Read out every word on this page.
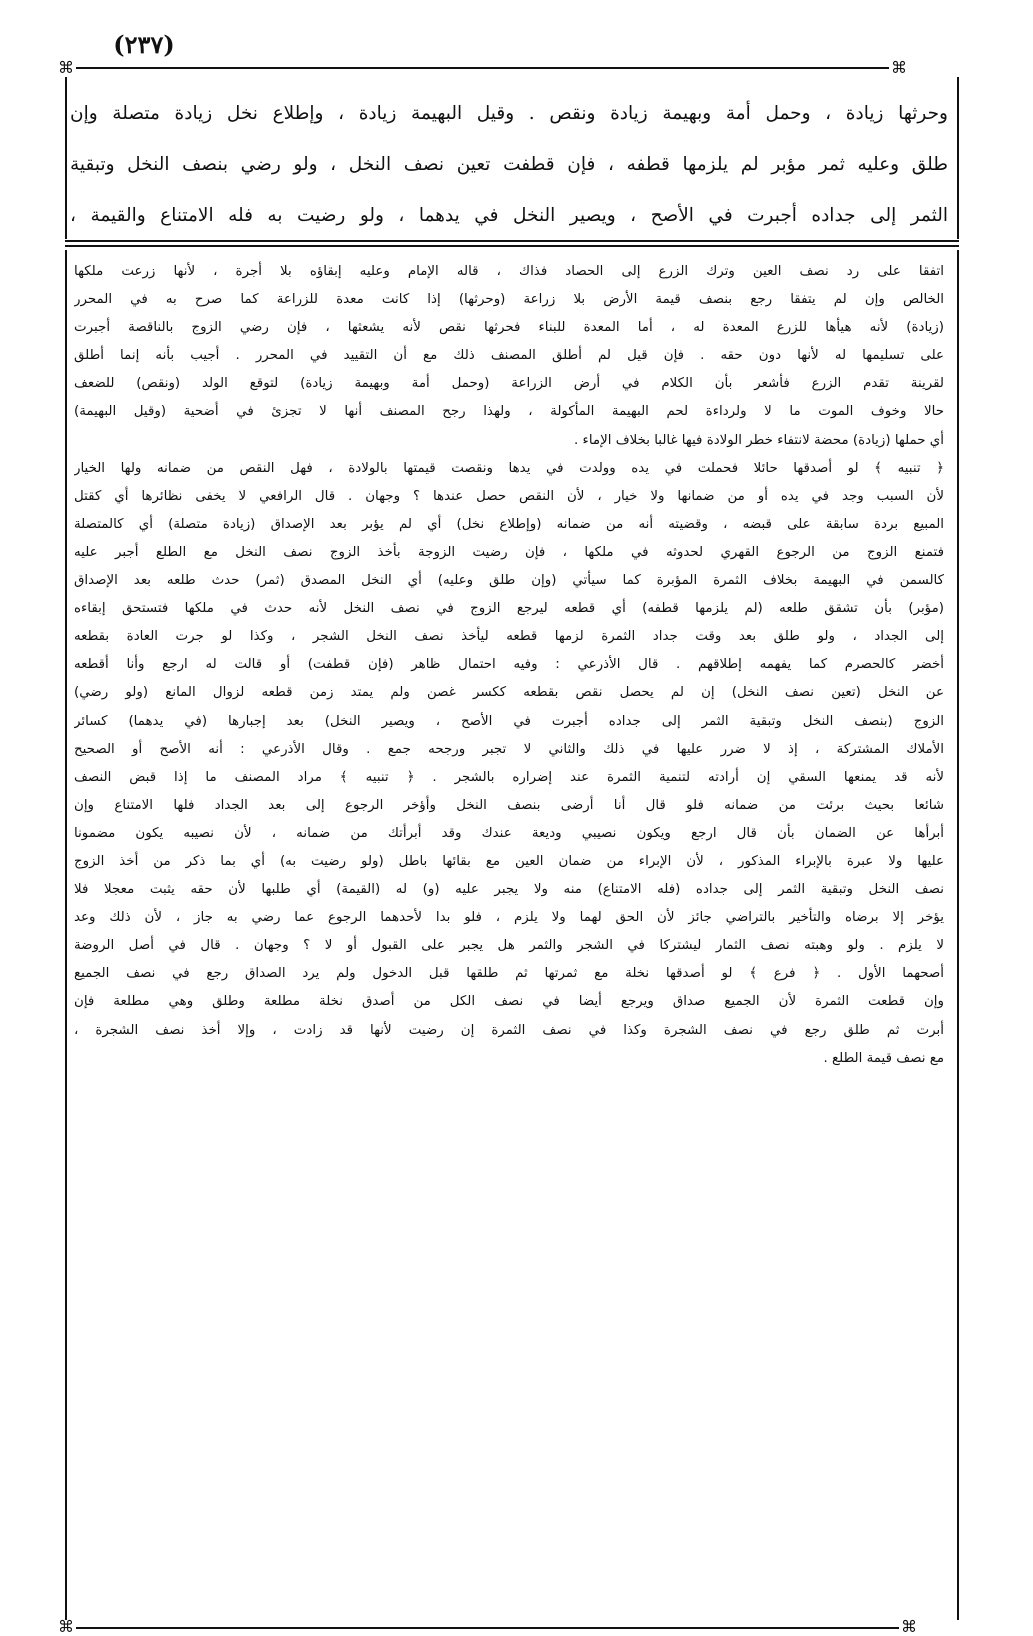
(٢٣٧)
⌘	⌘

وحرثها زيادة ، وحمل أمة وبهيمة زيادة ونقص . وقيل البهيمة زيادة ، وإطلاع نخل زيادة متصلة وإن

طلق وعليه ثمر مؤبر لم يلزمها قطفه ، فإن قطفت تعين نصف النخل ، ولو رضي بنصف النخل وتبقية

الثمر إلى جداده أجبرت في الأصح ، ويصير النخل في يدهما ، ولو رضيت به فله الامتناع والقيمة ،

اتفقا على رد نصف العين وترك الزرع إلى الحصاد فذاك ، قاله الإمام وعليه إبقاؤه بلا أجرة ، لأنها زرعت ملكها

الخالص وإن لم يتفقا رجع بنصف قيمة الأرض بلا زراعة (وحرثها) إذا كانت معدة للزراعة كما صرح به في المحرر

(زيادة) لأنه هيأها للزرع المعدة له ، أما المعدة للبناء فحرثها نقص لأنه يشعثها ، فإن رضي الزوج بالناقصة أجبرت

على تسليمها له لأنها دون حقه . فإن قيل لم أطلق المصنف ذلك مع أن التقييد في المحرر . أجيب بأنه إنما أطلق

لقرينة تقدم الزرع فأشعر بأن الكلام في أرض الزراعة (وحمل أمة وبهيمة زيادة) لتوقع الولد (ونقص) للضعف

حالا وخوف الموت ما لا ولرداءة لحم البهيمة المأكولة ، ولهذا رجح المصنف أنها لا تجزئ في أضحية (وقيل البهيمة)

أي حملها (زيادة) محضة لانتفاء خطر الولادة فيها غالبا بخلاف الإماء .

﴿ تنبيه ﴾ لو أصدقها حائلا فحملت في يده وولدت في يدها ونقصت قيمتها بالولادة ، فهل النقص من ضمانه ولها الخيار

لأن السبب وجد في يده أو من ضمانها ولا خيار ، لأن النقص حصل عندها ؟ وجهان . قال الرافعي لا يخفى نظائرها أي كقتل

المبيع بردة سابقة على قبضه ، وقضيته أنه من ضمانه (وإطلاع نخل) أي لم يؤبر بعد الإصداق (زيادة متصلة) أي كالمتصلة

فتمنع الزوج من الرجوع القهري لحدوثه في ملكها ، فإن رضيت الزوجة بأخذ الزوج نصف النخل مع الطلع أجبر عليه

كالسمن في البهيمة بخلاف الثمرة المؤبرة كما سيأتي (وإن طلق وعليه) أي النخل المصدق (ثمر) حدث طلعه بعد الإصداق

(مؤبر) بأن تشقق طلعه (لم يلزمها قطفه) أي قطعه ليرجع الزوج في نصف النخل لأنه حدث في ملكها فتستحق إبقاءه

إلى الجداد ، ولو طلق بعد وقت جداد الثمرة لزمها قطعه ليأخذ نصف النخل الشجر ، وكذا لو جرت العادة بقطعه

أخضر كالحصرم كما يفهمه إطلاقهم . قال الأذرعي : وفيه احتمال ظاهر (فإن قطفت) أو قالت له ارجع وأنا أقطعه

عن النخل (تعين نصف النخل) إن لم يحصل نقص بقطعه ككسر غصن ولم يمتد زمن قطعه لزوال المانع (ولو رضي)

الزوج (بنصف النخل وتبقية الثمر إلى جداده أجبرت في الأصح ، ويصير النخل) بعد إجبارها (في يدهما) كسائر

الأملاك المشتركة ، إذ لا ضرر عليها في ذلك والثاني لا تجبر ورجحه جمع . وقال الأذرعي : أنه الأصح أو الصحيح

لأنه قد يمنعها السقي إن أرادته لتنمية الثمرة عند إضراره بالشجر . ﴿ تنبيه ﴾ مراد المصنف ما إذا قبض النصف

شائعا بحيث برئت من ضمانه فلو قال أنا أرضى بنصف النخل وأؤخر الرجوع إلى بعد الجداد فلها الامتناع وإن

أبرأها عن الضمان بأن قال ارجع ويكون نصيبي وديعة عندك وقد أبرأتك من ضمانه ، لأن نصيبه يكون مضمونا

عليها ولا عبرة بالإبراء المذكور ، لأن الإبراء من ضمان العين مع بقائها باطل (ولو رضيت به) أي بما ذكر من أخذ الزوج

نصف النخل وتبقية الثمر إلى جداده (فله الامتناع) منه ولا يجبر عليه (و) له (القيمة) أي طلبها لأن حقه يثبت معجلا فلا

يؤخر إلا برضاه والتأخير بالتراضي جائز لأن الحق لهما ولا يلزم ، فلو بدا لأحدهما الرجوع عما رضي به جاز ، لأن ذلك وعد

لا يلزم . ولو وهبته نصف الثمار ليشتركا في الشجر والثمر هل يجبر على القبول أو لا ؟ وجهان . قال في أصل الروضة

أصحهما الأول . ﴿ فرع ﴾ لو أصدقها نخلة مع ثمرتها ثم طلقها قبل الدخول ولم يرد الصداق رجع في نصف الجميع

وإن قطعت الثمرة لأن الجميع صداق ويرجع أيضا في نصف الكل من أصدق نخلة مطلعة وطلق وهي مطلعة فإن

أبرت ثم طلق رجع في نصف الشجرة وكذا في نصف الثمرة إن رضيت لأنها قد زادت ، وإلا أخذ نصف الشجرة ،

مع نصف قيمة الطلع .

⌘	⌘
